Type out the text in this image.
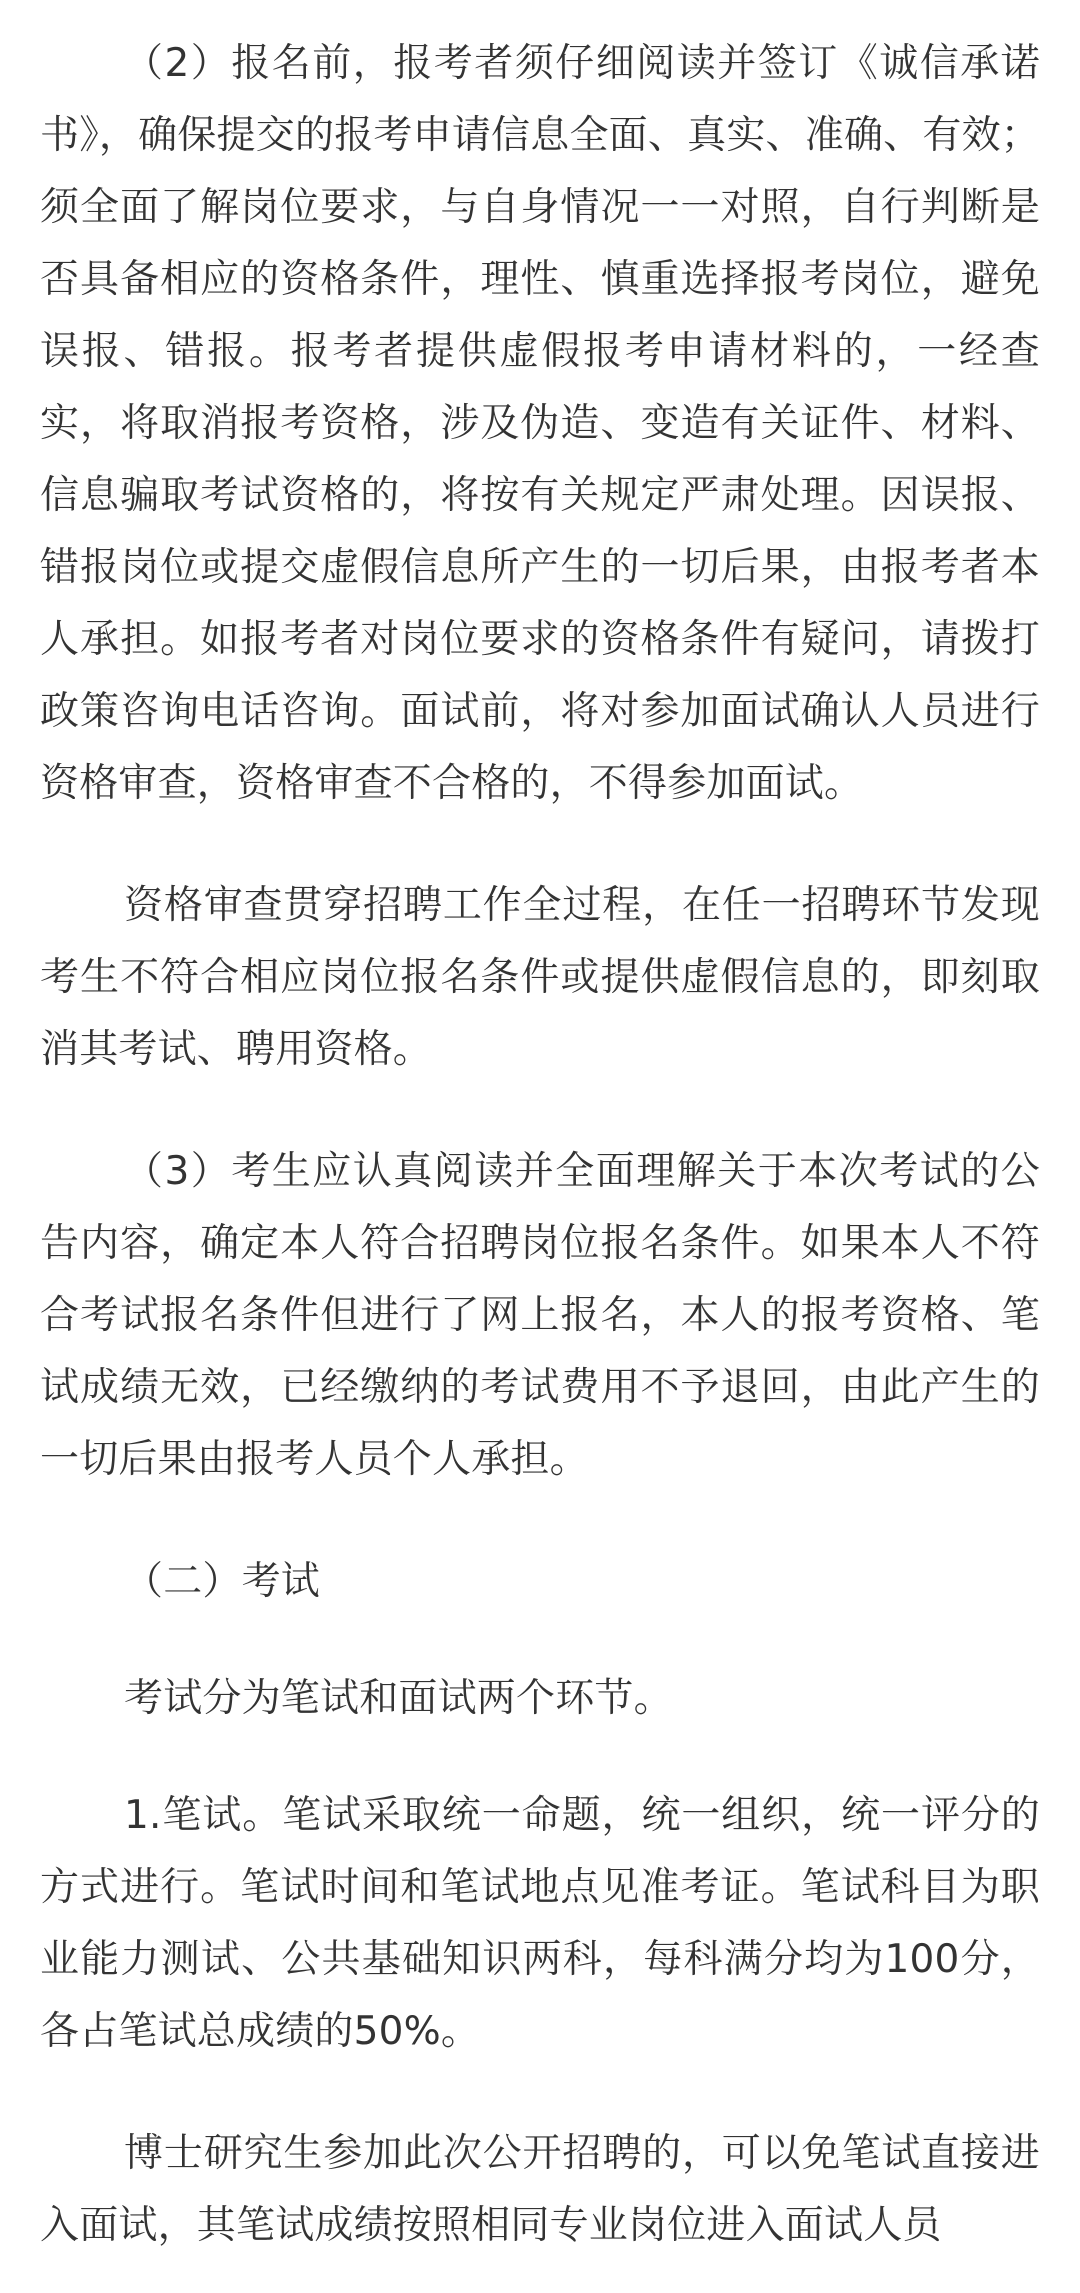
（2）报名前，报考者须仔细阅读并签订《诚信承诺书》，确保提交的报考申请信息全面、真实、准确、有效；须全面了解岗位要求，与自身情况一一对照，自行判断是否具备相应的资格条件，理性、慎重选择报考岗位，避免误报、错报。报考者提供虚假报考申请材料的，一经查实，将取消报考资格，涉及伪造、变造有关证件、材料、信息骗取考试资格的，将按有关规定严肃处理。因误报、错报岗位或提交虚假信息所产生的一切后果，由报考者本人承担。如报考者对岗位要求的资格条件有疑问，请拨打政策咨询电话咨询。面试前，将对参加面试确认人员进行资格审查，资格审查不合格的，不得参加面试。

资格审查贯穿招聘工作全过程，在任一招聘环节发现考生不符合相应岗位报名条件或提供虚假信息的，即刻取消其考试、聘用资格。

（3）考生应认真阅读并全面理解关于本次考试的公告内容，确定本人符合招聘岗位报名条件。如果本人不符合考试报名条件但进行了网上报名，本人的报考资格、笔试成绩无效，已经缴纳的考试费用不予退回，由此产生的一切后果由报考人员个人承担。

（二）考试

考试分为笔试和面试两个环节。

1.笔试。笔试采取统一命题，统一组织，统一评分的方式进行。笔试时间和笔试地点见准考证。笔试科目为职业能力测试、公共基础知识两科，每科满分均为100分，各占笔试总成绩的50%。

博士研究生参加此次公开招聘的，可以免笔试直接进入面试，其笔试成绩按照相同专业岗位进入面试人员
